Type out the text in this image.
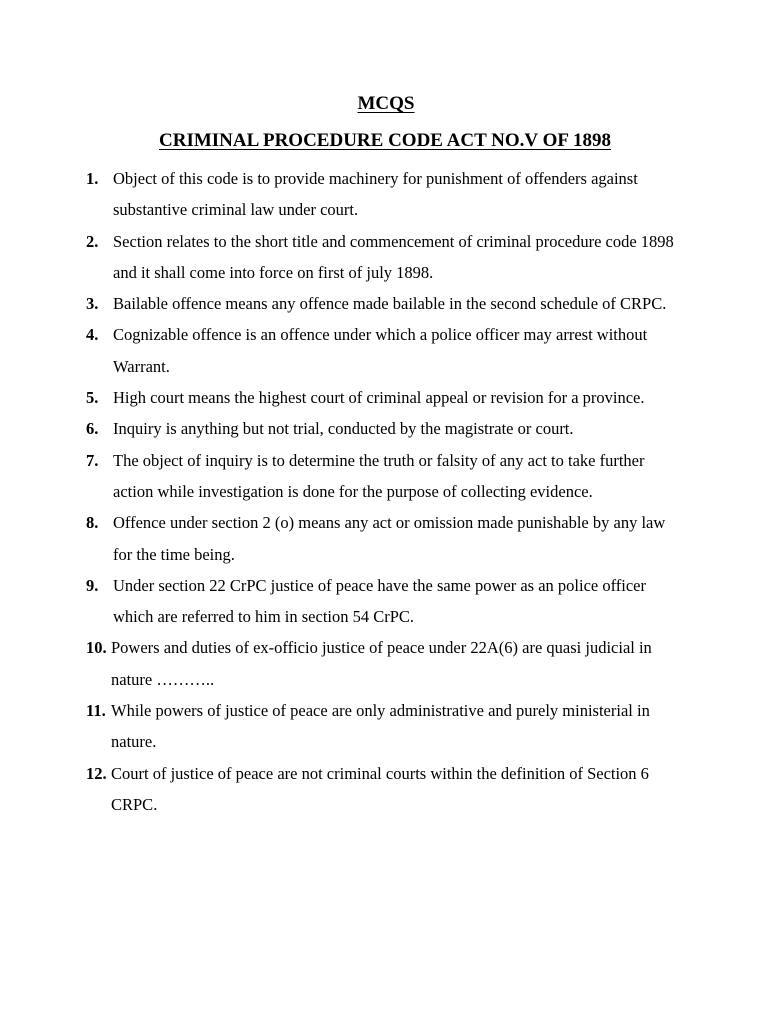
MCQS
CRIMINAL PROCEDURE CODE ACT NO.V OF 1898
1. Object of this code is to provide machinery for punishment of offenders against substantive criminal law under court.
2. Section relates to the short title and commencement of criminal procedure code 1898 and it shall come into force on first of july 1898.
3. Bailable offence means any offence made bailable in the second schedule of CRPC.
4. Cognizable offence is an offence under which a police officer may arrest without Warrant.
5. High court means the highest court of criminal appeal or revision for a province.
6. Inquiry is anything but not trial, conducted by the magistrate or court.
7. The object of inquiry is to determine the truth or falsity of any act to take further action while investigation is done for the purpose of collecting evidence.
8. Offence under section 2 (o) means any act or omission made punishable by any law for the time being.
9. Under section 22 CrPC justice of peace have the same power as an police officer which are referred to him in section 54 CrPC.
10. Powers and duties of ex-officio justice of peace under 22A(6) are quasi judicial in nature ………..
11. While powers of justice of peace are only administrative and purely ministerial in nature.
12. Court of justice of peace are not criminal courts within the definition of Section 6 CRPC.
